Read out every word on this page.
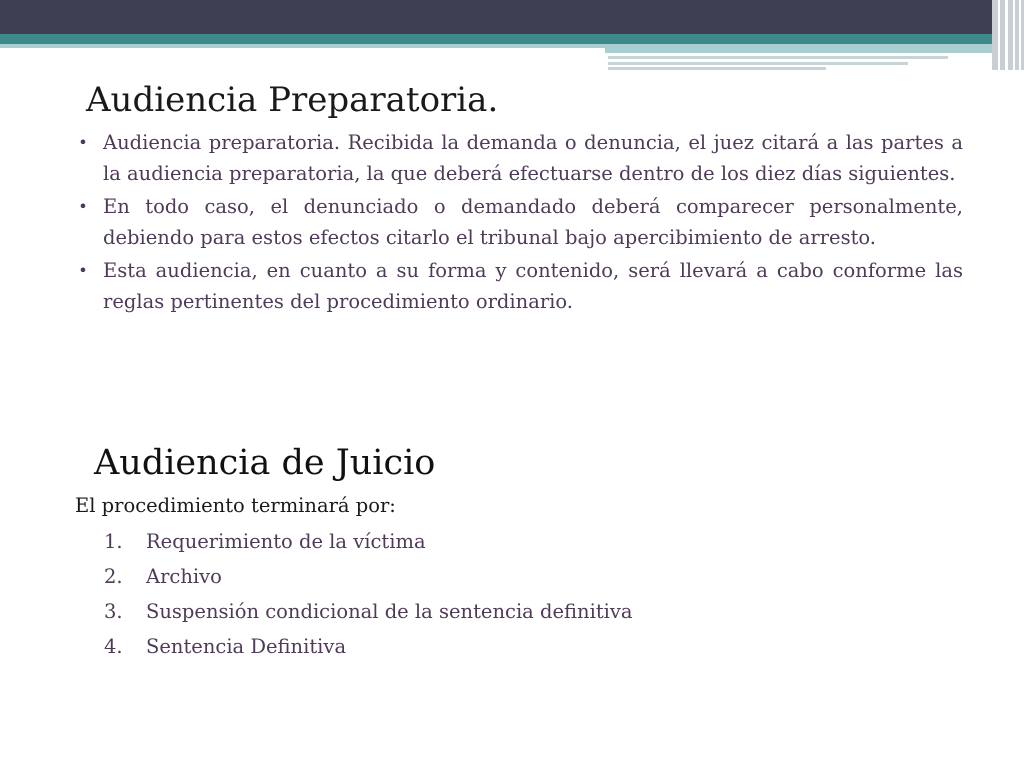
Audiencia Preparatoria.
• Audiencia preparatoria. Recibida la demanda o denuncia, el juez citará a las partes a la audiencia preparatoria, la que deberá efectuarse dentro de los diez días siguientes.
• En todo caso, el denunciado o demandado deberá comparecer personalmente, debiendo para estos efectos citarlo el tribunal bajo apercibimiento de arresto.
• Esta audiencia, en cuanto a su forma y contenido, será llevará a cabo conforme las reglas pertinentes del procedimiento ordinario.
Audiencia de Juicio

El procedimiento terminará por:

1.	Requerimiento de la víctima
2.	Archivo
3.	Suspensión condicional de la sentencia definitiva
4.	Sentencia Definitiva
